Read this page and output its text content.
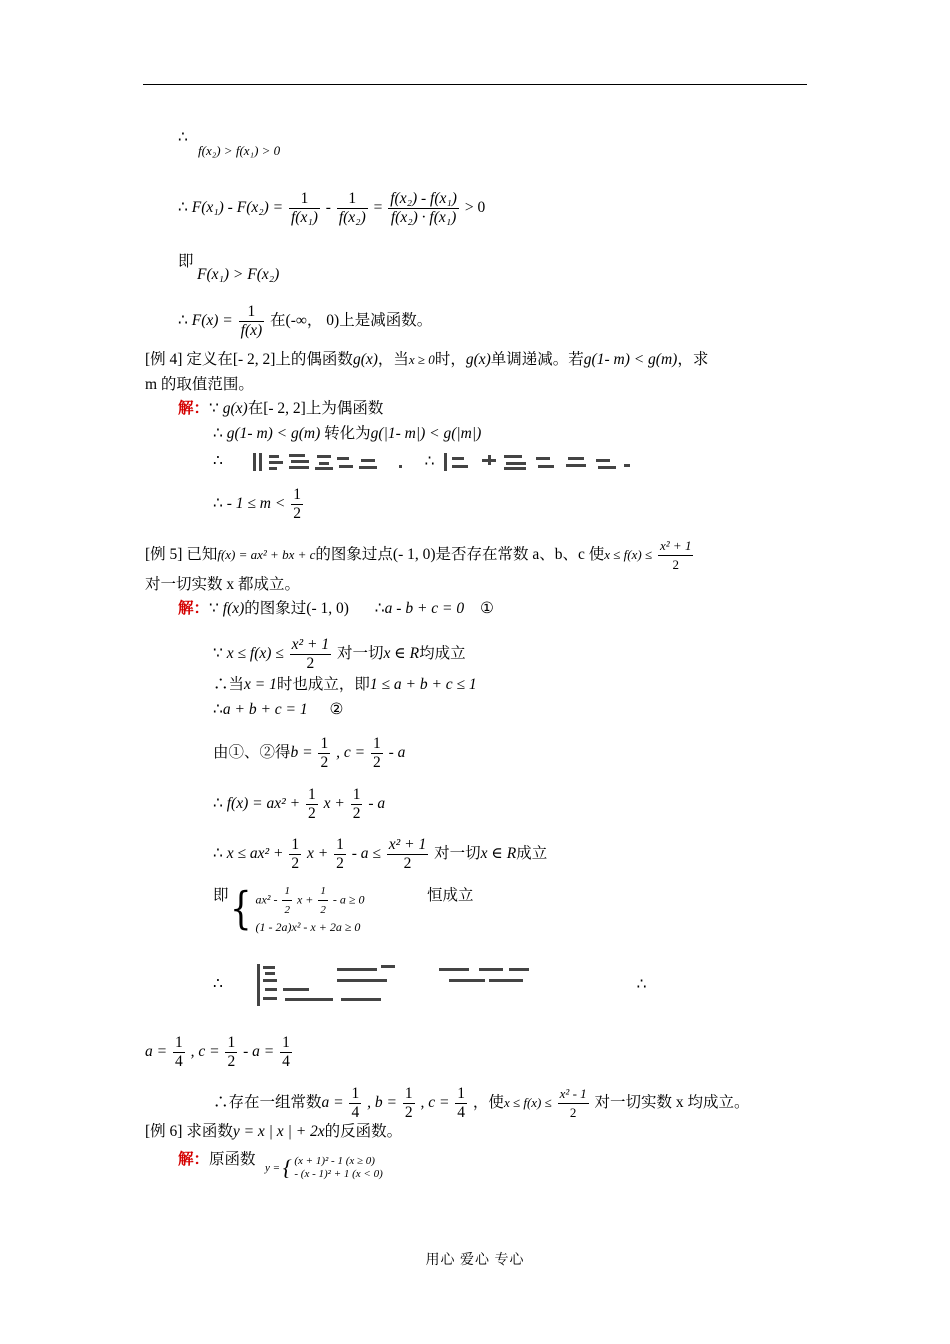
∴
f(x₂) > f(x₁) > 0
∴ $F(x_1) - F(x_2) = \frac{1}{\text{f(x₁)}} - \frac{1}{\text{f(x₂)}} = \frac{\text{f(x₂) - f(x₁)}}{\text{f(x₂) · f(x₁)}} > 0$
即
F(x₁) > F(x₂)
∴ $F(x) = \frac{1}{f(x)}$ 在(-∞， 0)上是减函数。
[例 4] 定义在[- 2, 2]上的偶函数g(x)，当x ≥ 0时，g(x)单调递减。若g(1- m) < g(m)，求
m 的取值范围。
解：∵ g(x)在[- 2, 2]上为偶函数
∴ g(1- m) < g(m) 转化为g(|1- m|) < g(|m|)
∴	∴
∴ - $1 \le m < \frac{1}{2}$
[例 5] 已知f(x) = ax² + bx + c的图象过点(- 1, 0)是否存在常数 a、b、c 使$x \le f(x) \le \frac{\text{x² + 1}}{2}$
对一切实数 x 都成立。
解：∵ f(x)的图象过(- 1, 0) ∴a - b + c = 0 ①
∵ $x \le f(x) \le \frac{\text{x² + 1}}{2}$ 对一切x ∈ R均成立
∴当x = 1时也成立，即1 ≤ a + b + c ≤ 1
∴a + b + c = 1 ②
由①、②得$b = \frac{1}{2}$ , $c = \frac{1}{2} - a$
∴ $f(x) = ax^2 + \frac{1}{2}$ $x + \frac{1}{2} - a$
∴ $x \le ax^2 + \frac{1}{2}$ $x + \frac{1}{2} - a \le \frac{\text{x² + 1}}{2}$ 对一切x ∈ R成立
即 { $ax^2 - \frac{1}{2}$ $x + \frac{1}{2} - a \ge 0$
(1 - 2a)x² - x + 2a ≥ 0
恒成立
∴	∴
$a = \frac{1}{4}$ , $c = \frac{1}{2} - a = \frac{1}{4}$
∴存在一组常数$a = \frac{1}{4}$ , $b = \frac{1}{2}$ , $c = \frac{1}{4}$ ，使$x \le f(x) \le \frac{\text{x² - 1}}{2}$ 对一切实数 x 均成立。
[例 6] 求函数y = x | x | + 2x的反函数。
解：原函数 y = { (x + 1)² - 1 (x ≥ 0)
- (x - 1)² + 1 (x < 0)
用心 爱心 专心
